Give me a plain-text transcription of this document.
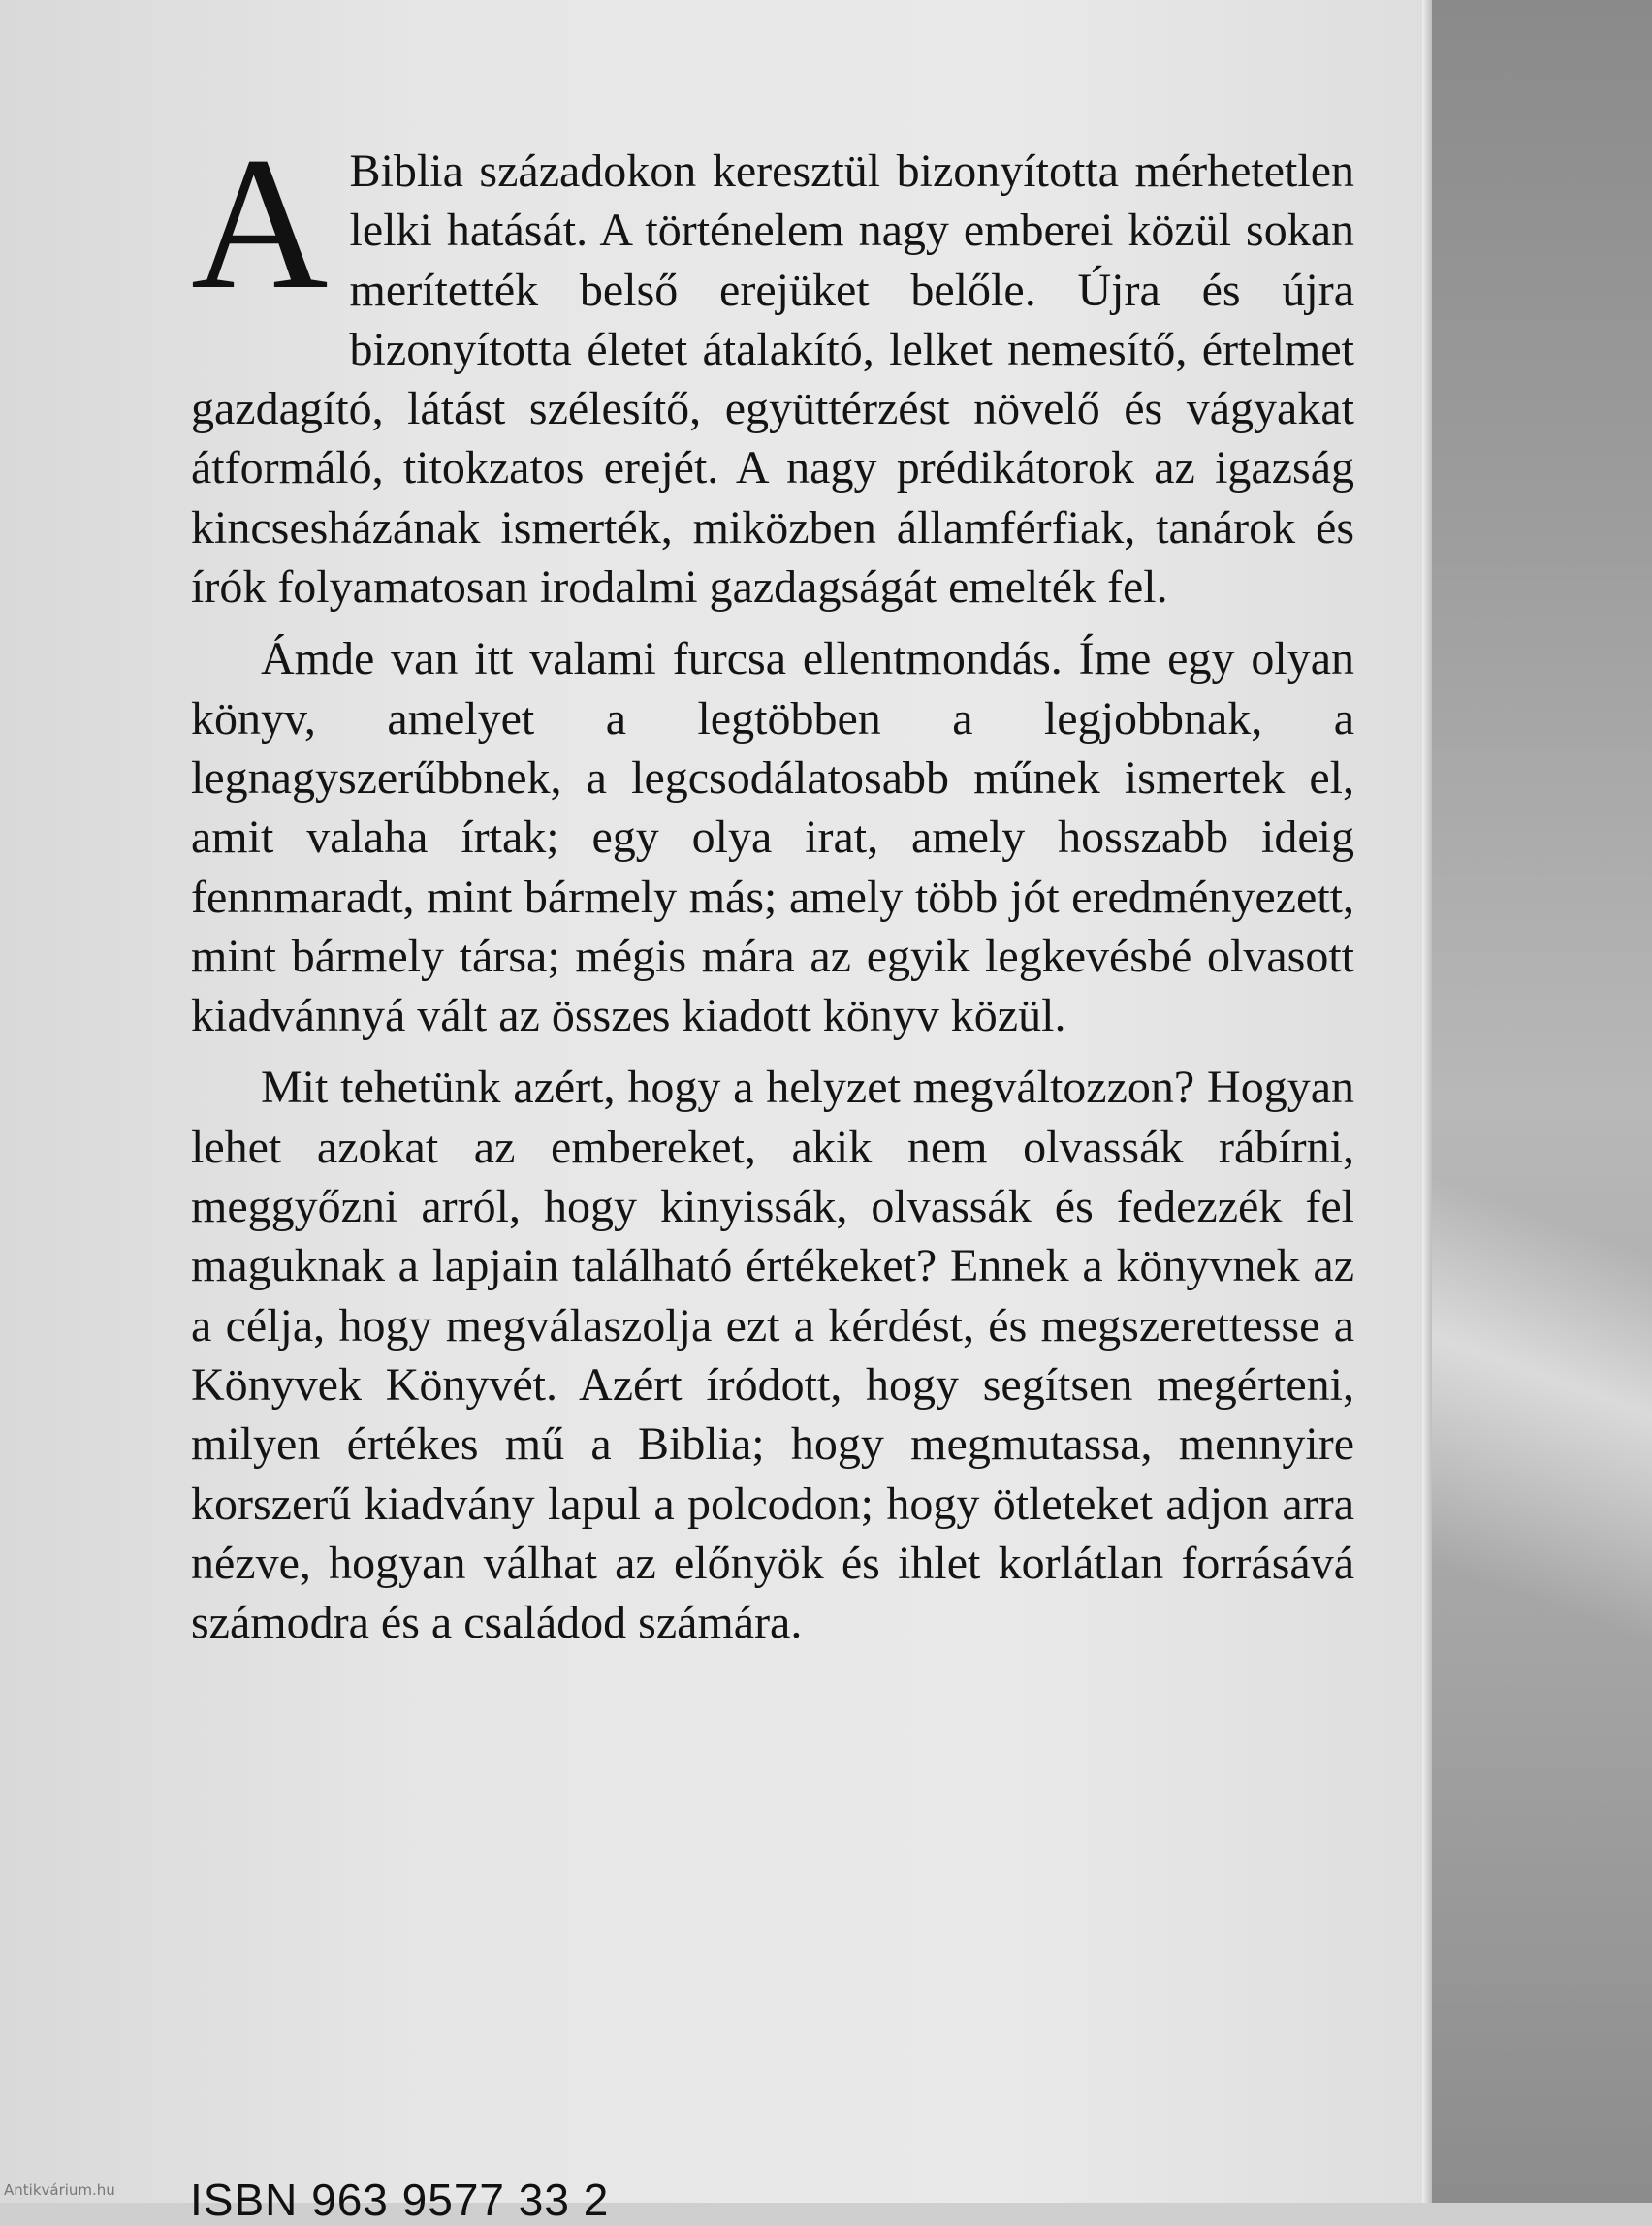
A Biblia századokon keresztül bizonyította mérhetetlen lelki hatását. A történelem nagy emberei közül sokan merítették belső erejüket belőle. Újra és újra bizonyította életet átalakító, lelket nemesítő, értelmet gazdagító, látást szélesítő, együttérzést növelő és vágyakat átformáló, titokzatos erejét. A nagy prédikátorok az igazság kincsesházának ismerték, miközben államférfiak, tanárok és írók folyamatosan irodalmi gazdagságát emelték fel.

Ámde van itt valami furcsa ellentmondás. Íme egy olyan könyv, amelyet a legtöbben a legjobbnak, a legnagyszerűbbnek, a legcsodálatosabb műnek ismertek el, amit valaha írtak; egy olya irat, amely hosszabb ideig fennmaradt, mint bármely más; amely több jót eredményezett, mint bármely társa; mégis mára az egyik legkevésbé olvasott kiadvánnyá vált az összes kiadott könyv közül.

Mit tehetünk azért, hogy a helyzet megváltozzon? Hogyan lehet azokat az embereket, akik nem olvassák rábírni, meggyőzni arról, hogy kinyissák, olvassák és fedezzék fel maguknak a lapjain található értékeket? Ennek a könyvnek az a célja, hogy megválaszolja ezt a kérdést, és megszerettesse a Könyvek Könyvét. Azért íródott, hogy segítsen megérteni, milyen értékes mű a Biblia; hogy megmutassa, mennyire korszerű kiadvány lapul a polcodon; hogy ötleteket adjon arra nézve, hogyan válhat az előnyök és ihlet korlátlan forrásává számodra és a családod számára.

ISBN 963 9577 33 2
Antikvárium.hu
